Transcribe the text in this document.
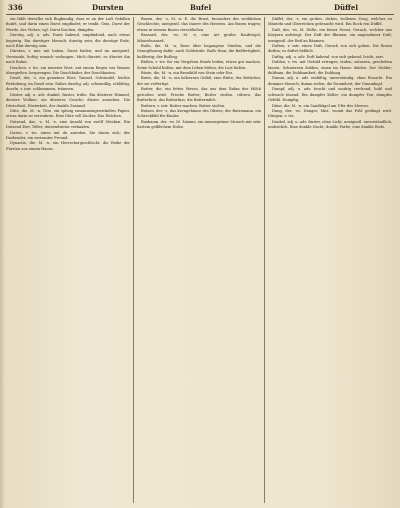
336	Dursten	Bufel	Düffel

ein fühlt derselbe sich flugkundig, dass er an der Luft Gefallen findet, und darin einen Durst empfindet; er trinkt. Gem. Durst der Pferde, des Viehes; vgl. Durst löschen, dämpfen.

Durstig, adj. u. adv. Durst habend, empfindend, nach etwas begierig. Ein durstiger Mensch; durstig sein; die durstige Erde; nach Blut durstig sein.

Dürsten, v. intr. mit haben, Durst leiden; und im uneigentl. Verstande, heftig wonach verlangen. Mich dürstet; es dürstet ihn nach Ruhm.

Duschen, v. trs. ein neueres Wort, mit einem Regen von Wasser übergießen, besprengen. Die Duschbäder, der Duschkasten.

Dusel, der, -s, ein gemeines Wort, Taumel, Schwindel, leichte Betäubung; im Dusel sein. Daher duselig, adj. schwindlig, schläfrig; duseln, v. intr. schlummern, träumen.

Düster, adj. u. adv. dunkel, finster, trübe. Ein düsterer Himmel; düstere Wolken; ein düsteres Gesicht; düster aussehen. Die Düsterheit, Düsterkeit, der dunkle Zustand.

Düte, die, M. -n, Tüte, ein spitzig zusammengewickeltes Papier, etwas darin zu verwahren. Eine Düte voll Zucker. Das Dütchen.

Dutzend, das, -s, M. -e, eine Anzahl von zwölf Stücken. Ein Dutzend Eier, Teller; dutzendweise verkaufen.

Duzen, v. trs. einen mit du anreden. Sie duzen sich; der Duzbruder, ein vertrauter Freund.

Dynastie, die, M. -n, ein Herrschergeschlecht, die Reihe der Fürsten aus einem Hause.

Busen, der, -s, M. w. E. die Brust, besonders des weiblichen Geschlechts; uneigentl. das Innere des Herzens. Am Busen tragen; etwas in seinem Busen verschließen.

Bussard, der, -es, M. -e, eine Art großer Raubvögel, Mäusebussard.

Buße, die, M. -n, Reue über begangene Sünden, und die Genugthuung dafür; auch Geldstrafe. Buße thun; die Bußfertigkeit; bußfertig; der Bußtag.

Büßen, v. trs. für ein Vergehen Strafe leiden, etwas gut machen. Seine Schuld büßen; mit dem Leben büßen; die Lust büßen.

Büste, die, M. -n, ein Brustbild von Stein oder Erz.

Butte, die, M. -n, ein hölzernes Gefäß, eine Bütte; der Bötticher, der sie verfertigt.

Butter, die, ein fettes Wesen, das aus dem Rahm der Milch gestoßen wird. Frische Butter; Butter stoßen, rühren; das Butterbrot, das Butterfass, die Buttermilch.

Buttern, v. intr. Butter machen, Butter stoßen.

Butzen, der, -s, das Kerngehäuse des Obstes; der Butzemann, ein Schreckbild für Kinder.

Buxbaum, der, -es, M. -bäume, ein immergrüner Strauch mit sehr hartem gelblichem Holze.

Düffel, der, -s, ein grobes, dickes, wollenes Zeug, welches zu Mänteln und Oberröcken gebraucht wird. Ein Rock von Düffel.

Duft, der, -es, M. Düfte, ein feiner Dunst, Geruch, welcher aus Körpern aufsteigt. Der Duft der Blumen; ein angenehmer Duft; uneigentl. der Reif an Bäumen.

Duften, v. intr. einen Duft, Geruch von sich geben. Die Rosen duften; es duftet lieblich.

Duftig, adj. u. adv. Duft habend, von sich gebend; leicht, zart.

Dulden, v. trs. mit Geduld ertragen, leiden; zulassen, geschehen lassen. Schmerzen dulden; einen im Hause dulden. Der Dulder; duldsam; die Duldsamkeit; die Duldung.

Dumm, adj. u. adv. einfältig, unverständig, ohne Einsicht. Ein dummer Mensch; dumm reden; die Dummheit; der Dummkopf.

Dumpf, adj. u. adv. feucht und modrig riechend; hohl und schwach tönend. Ein dumpfer Keller; ein dumpfer Ton; dumpfes Gefühl. Dumpfig.

Düne, die, M. -n, ein Sandhügel am Ufer des Meeres.

Dung, der, -es, Dünger, Mist, womit das Feld gedüngt wird. Düngen, v. trs.

Dunkel, adj. u. adv. finster, ohne Licht; uneigentl. unverständlich, undeutlich. Eine dunkle Nacht; dunkle Farbe; eine dunkle Rede.
